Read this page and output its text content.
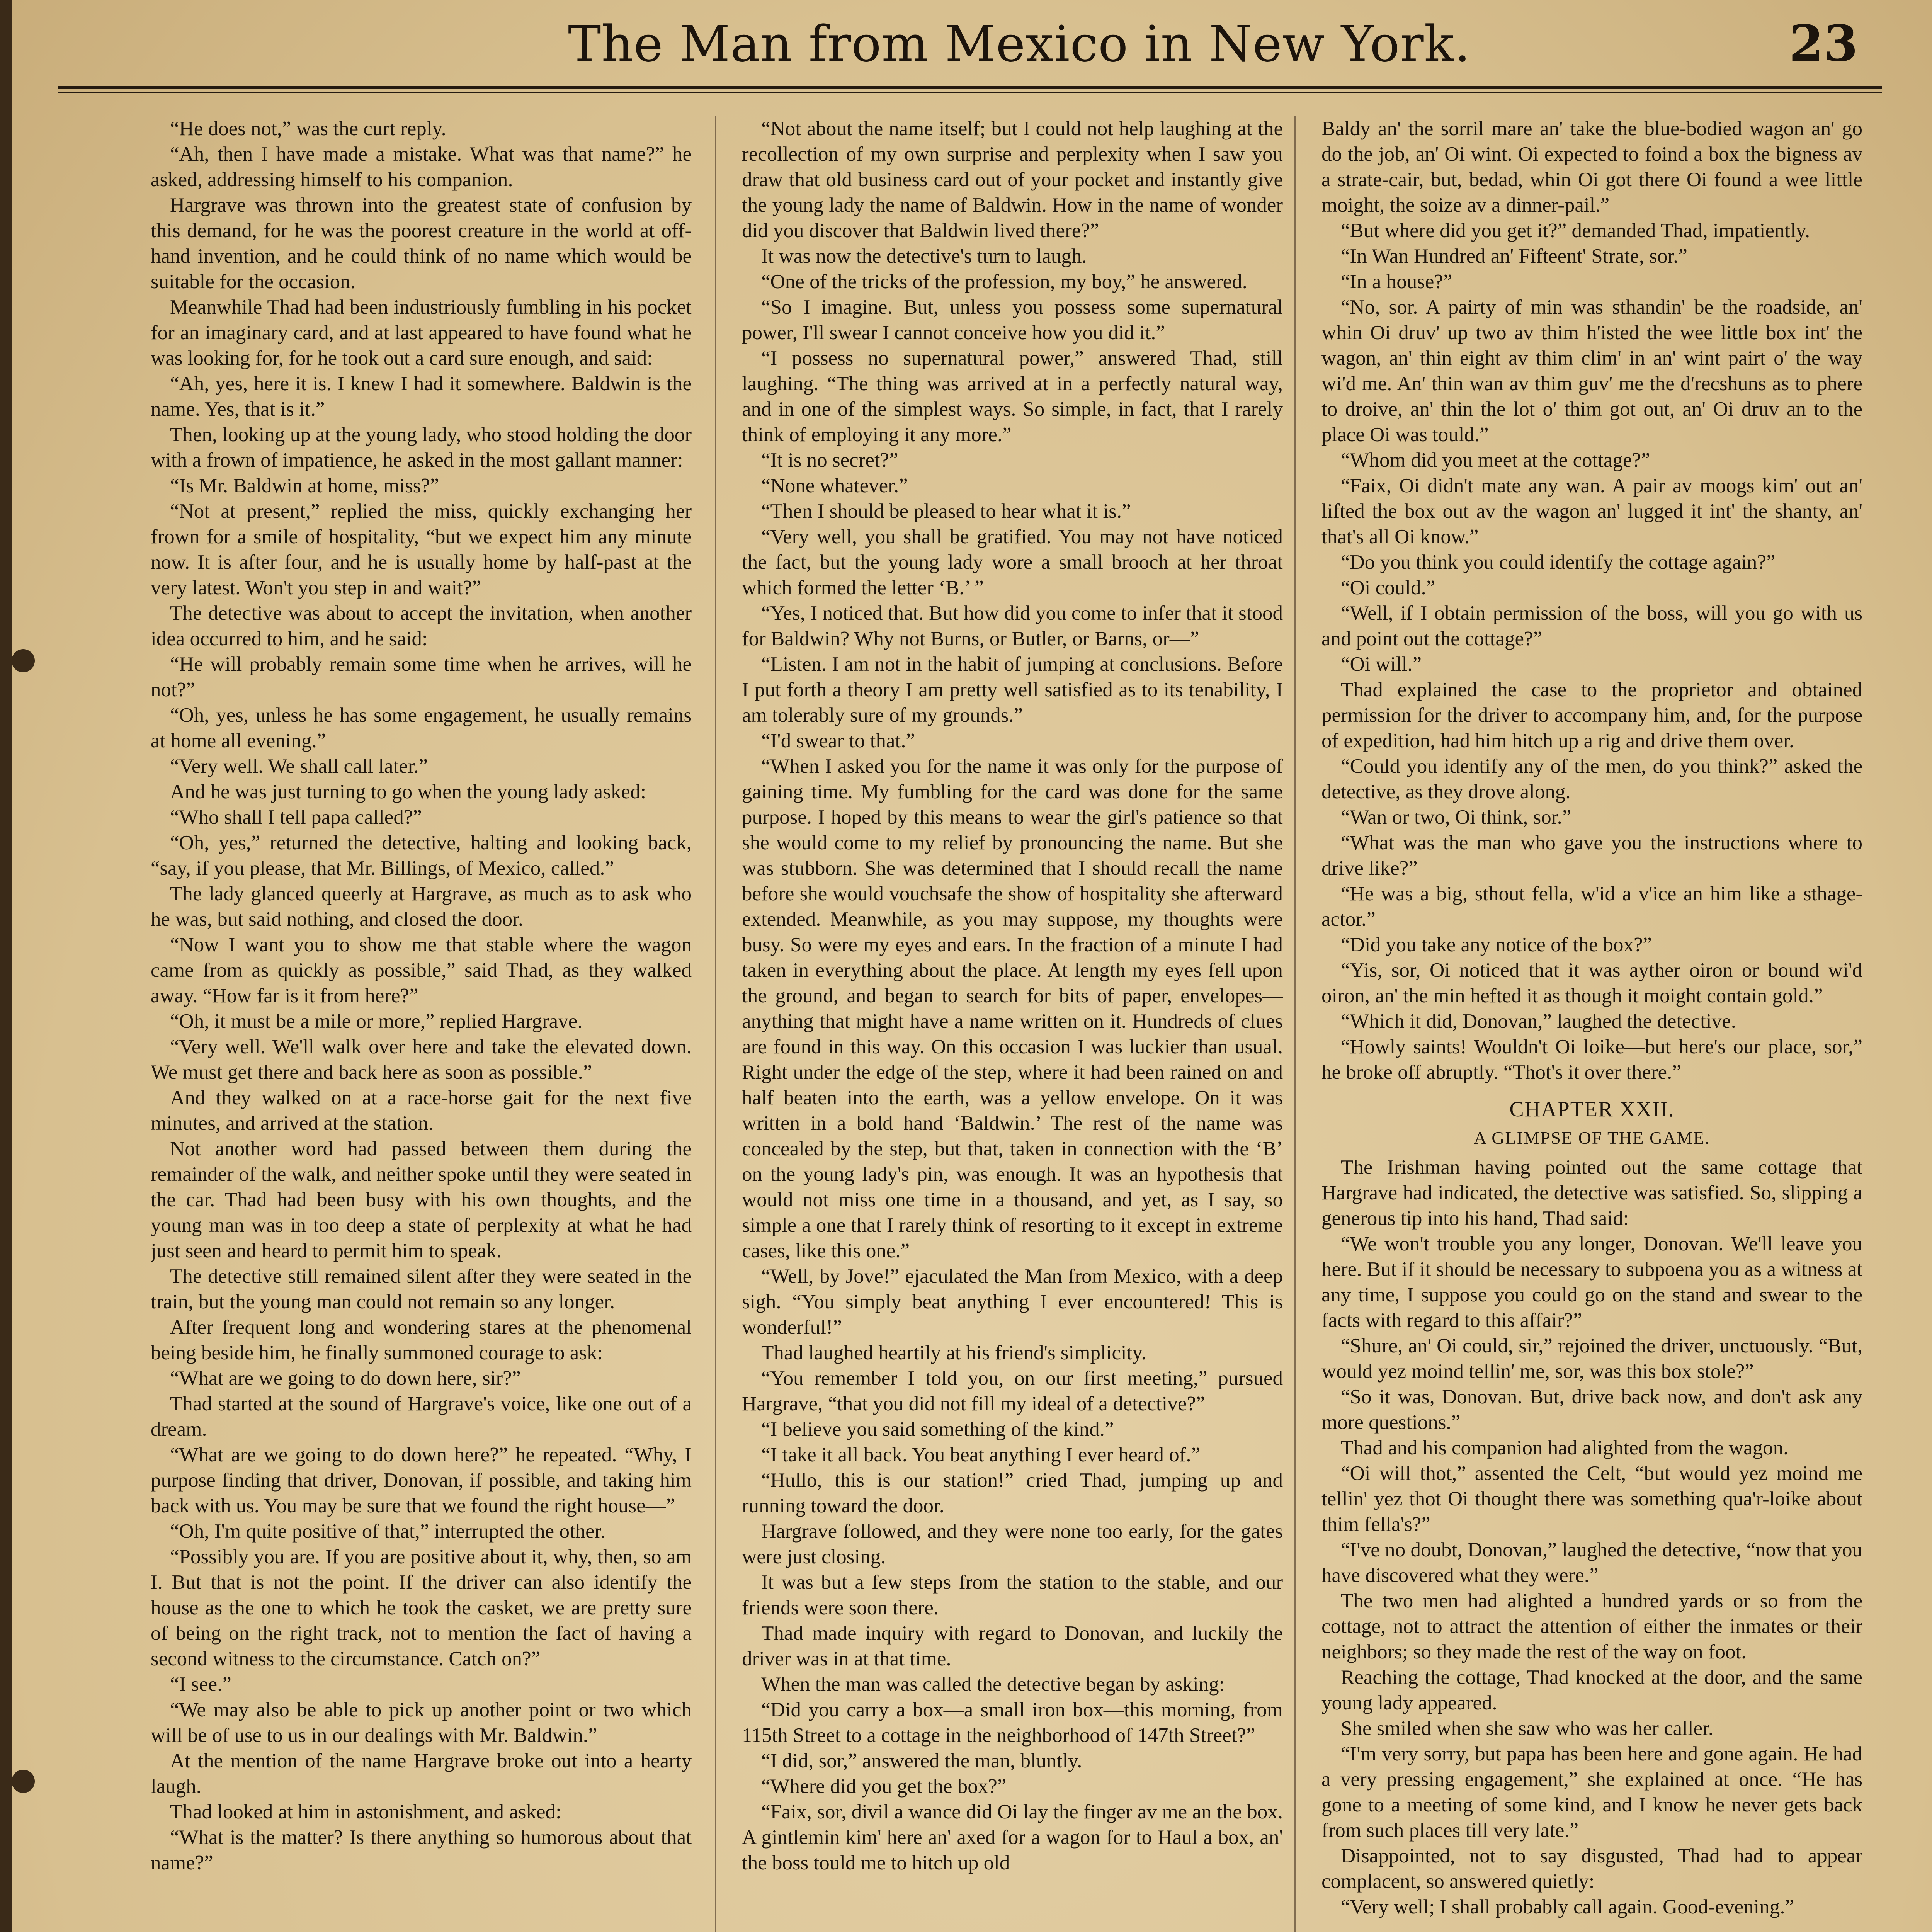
The Man from Mexico in New York.	23

“He does not,” was the curt reply.

“Ah, then I have made a mistake. What was that name?” he asked, addressing himself to his companion.

Hargrave was thrown into the greatest state of confusion by this demand, for he was the poorest creature in the world at off-hand invention, and he could think of no name which would be suitable for the occasion.

Meanwhile Thad had been industriously fumbling in his pocket for an imaginary card, and at last appeared to have found what he was looking for, for he took out a card sure enough, and said:

“Ah, yes, here it is. I knew I had it somewhere. Baldwin is the name. Yes, that is it.”

Then, looking up at the young lady, who stood holding the door with a frown of impatience, he asked in the most gallant manner:

“Is Mr. Baldwin at home, miss?”

“Not at present,” replied the miss, quickly exchanging her frown for a smile of hospitality, “but we expect him any minute now. It is after four, and he is usually home by half-past at the very latest. Won't you step in and wait?”

The detective was about to accept the invitation, when another idea occurred to him, and he said:

“He will probably remain some time when he arrives, will he not?”

“Oh, yes, unless he has some engagement, he usually remains at home all evening.”

“Very well. We shall call later.”

And he was just turning to go when the young lady asked:

“Who shall I tell papa called?”

“Oh, yes,” returned the detective, halting and looking back, “say, if you please, that Mr. Billings, of Mexico, called.”

The lady glanced queerly at Hargrave, as much as to ask who he was, but said nothing, and closed the door.

“Now I want you to show me that stable where the wagon came from as quickly as possible,” said Thad, as they walked away. “How far is it from here?”

“Oh, it must be a mile or more,” replied Hargrave.

“Very well. We'll walk over here and take the elevated down. We must get there and back here as soon as possible.”

And they walked on at a race-horse gait for the next five minutes, and arrived at the station.

Not another word had passed between them during the remainder of the walk, and neither spoke until they were seated in the car. Thad had been busy with his own thoughts, and the young man was in too deep a state of perplexity at what he had just seen and heard to permit him to speak.

The detective still remained silent after they were seated in the train, but the young man could not remain so any longer.

After frequent long and wondering stares at the phenomenal being beside him, he finally summoned courage to ask:

“What are we going to do down here, sir?”

Thad started at the sound of Hargrave's voice, like one out of a dream.

“What are we going to do down here?” he repeated. “Why, I purpose finding that driver, Donovan, if possible, and taking him back with us. You may be sure that we found the right house—”

“Oh, I'm quite positive of that,” interrupted the other.

“Possibly you are. If you are positive about it, why, then, so am I. But that is not the point. If the driver can also identify the house as the one to which he took the casket, we are pretty sure of being on the right track, not to mention the fact of having a second witness to the circumstance. Catch on?”

“I see.”

“We may also be able to pick up another point or two which will be of use to us in our dealings with Mr. Baldwin.”

At the mention of the name Hargrave broke out into a hearty laugh.

Thad looked at him in astonishment, and asked:

“What is the matter? Is there anything so humorous about that name?”

“Not about the name itself; but I could not help laughing at the recollection of my own surprise and perplexity when I saw you draw that old business card out of your pocket and instantly give the young lady the name of Baldwin. How in the name of wonder did you discover that Baldwin lived there?”

It was now the detective's turn to laugh.

“One of the tricks of the profession, my boy,” he answered.

“So I imagine. But, unless you possess some supernatural power, I'll swear I cannot conceive how you did it.”

“I possess no supernatural power,” answered Thad, still laughing. “The thing was arrived at in a perfectly natural way, and in one of the simplest ways. So simple, in fact, that I rarely think of employing it any more.”

“It is no secret?”

“None whatever.”

“Then I should be pleased to hear what it is.”

“Very well, you shall be gratified. You may not have noticed the fact, but the young lady wore a small brooch at her throat which formed the letter ‘B.’ ”

“Yes, I noticed that. But how did you come to infer that it stood for Baldwin? Why not Burns, or Butler, or Barns, or—”

“Listen. I am not in the habit of jumping at conclusions. Before I put forth a theory I am pretty well satisfied as to its tenability, I am tolerably sure of my grounds.”

“I'd swear to that.”

“When I asked you for the name it was only for the purpose of gaining time. My fumbling for the card was done for the same purpose. I hoped by this means to wear the girl's patience so that she would come to my relief by pronouncing the name. But she was stubborn. She was determined that I should recall the name before she would vouchsafe the show of hospitality she afterward extended. Meanwhile, as you may suppose, my thoughts were busy. So were my eyes and ears. In the fraction of a minute I had taken in everything about the place. At length my eyes fell upon the ground, and began to search for bits of paper, envelopes—anything that might have a name written on it. Hundreds of clues are found in this way. On this occasion I was luckier than usual. Right under the edge of the step, where it had been rained on and half beaten into the earth, was a yellow envelope. On it was written in a bold hand ‘Baldwin.’ The rest of the name was concealed by the step, but that, taken in connection with the ‘B’ on the young lady's pin, was enough. It was an hypothesis that would not miss one time in a thousand, and yet, as I say, so simple a one that I rarely think of resorting to it except in extreme cases, like this one.”

“Well, by Jove!” ejaculated the Man from Mexico, with a deep sigh. “You simply beat anything I ever encountered! This is wonderful!”

Thad laughed heartily at his friend's simplicity.

“You remember I told you, on our first meeting,” pursued Hargrave, “that you did not fill my ideal of a detective?”

“I believe you said something of the kind.”

“I take it all back. You beat anything I ever heard of.”

“Hullo, this is our station!” cried Thad, jumping up and running toward the door.

Hargrave followed, and they were none too early, for the gates were just closing.

It was but a few steps from the station to the stable, and our friends were soon there.

Thad made inquiry with regard to Donovan, and luckily the driver was in at that time.

When the man was called the detective began by asking:

“Did you carry a box—a small iron box—this morning, from 115th Street to a cottage in the neighborhood of 147th Street?”

“I did, sor,” answered the man, bluntly.

“Where did you get the box?”

“Faix, sor, divil a wance did Oi lay the finger av me an the box. A gintlemin kim' here an' axed for a wagon for to Haul a box, an' the boss tould me to hitch up old

Baldy an' the sorril mare an' take the blue-bodied wagon an' go do the job, an' Oi wint. Oi expected to foind a box the bigness av a strate-cair, but, bedad, whin Oi got there Oi found a wee little moight, the soize av a dinner-pail.”

“But where did you get it?” demanded Thad, impatiently.

“In Wan Hundred an' Fifteent' Strate, sor.”

“In a house?”

“No, sor. A pairty of min was sthandin' be the roadside, an' whin Oi druv' up two av thim h'isted the wee little box int' the wagon, an' thin eight av thim clim' in an' wint pairt o' the way wi'd me. An' thin wan av thim guv' me the d'recshuns as to phere to droive, an' thin the lot o' thim got out, an' Oi druv an to the place Oi was tould.”

“Whom did you meet at the cottage?”

“Faix, Oi didn't mate any wan. A pair av moogs kim' out an' lifted the box out av the wagon an' lugged it int' the shanty, an' that's all Oi know.”

“Do you think you could identify the cottage again?”

“Oi could.”

“Well, if I obtain permission of the boss, will you go with us and point out the cottage?”

“Oi will.”

Thad explained the case to the proprietor and obtained permission for the driver to accompany him, and, for the purpose of expedition, had him hitch up a rig and drive them over.

“Could you identify any of the men, do you think?” asked the detective, as they drove along.

“Wan or two, Oi think, sor.”

“What was the man who gave you the instructions where to drive like?”

“He was a big, sthout fella, w'id a v'ice an him like a sthage-actor.”

“Did you take any notice of the box?”

“Yis, sor, Oi noticed that it was ayther oiron or bound wi'd oiron, an' the min hefted it as though it moight contain gold.”

“Which it did, Donovan,” laughed the detective.

“Howly saints! Wouldn't Oi loike—but here's our place, sor,” he broke off abruptly. “Thot's it over there.”

CHAPTER XXII.

A GLIMPSE OF THE GAME.

The Irishman having pointed out the same cottage that Hargrave had indicated, the detective was satisfied. So, slipping a generous tip into his hand, Thad said:

“We won't trouble you any longer, Donovan. We'll leave you here. But if it should be necessary to subpoena you as a witness at any time, I suppose you could go on the stand and swear to the facts with regard to this affair?”

“Shure, an' Oi could, sir,” rejoined the driver, unctuously. “But, would yez moind tellin' me, sor, was this box stole?”

“So it was, Donovan. But, drive back now, and don't ask any more questions.”

Thad and his companion had alighted from the wagon.

“Oi will thot,” assented the Celt, “but would yez moind me tellin' yez thot Oi thought there was something qua'r-loike about thim fella's?”

“I've no doubt, Donovan,” laughed the detective, “now that you have discovered what they were.”

The two men had alighted a hundred yards or so from the cottage, not to attract the attention of either the inmates or their neighbors; so they made the rest of the way on foot.

Reaching the cottage, Thad knocked at the door, and the same young lady appeared.

She smiled when she saw who was her caller.

“I'm very sorry, but papa has been here and gone again. He had a very pressing engagement,” she explained at once. “He has gone to a meeting of some kind, and I know he never gets back from such places till very late.”

Disappointed, not to say disgusted, Thad had to appear complacent, so answered quietly:

“Very well; I shall probably call again. Good-evening.”
